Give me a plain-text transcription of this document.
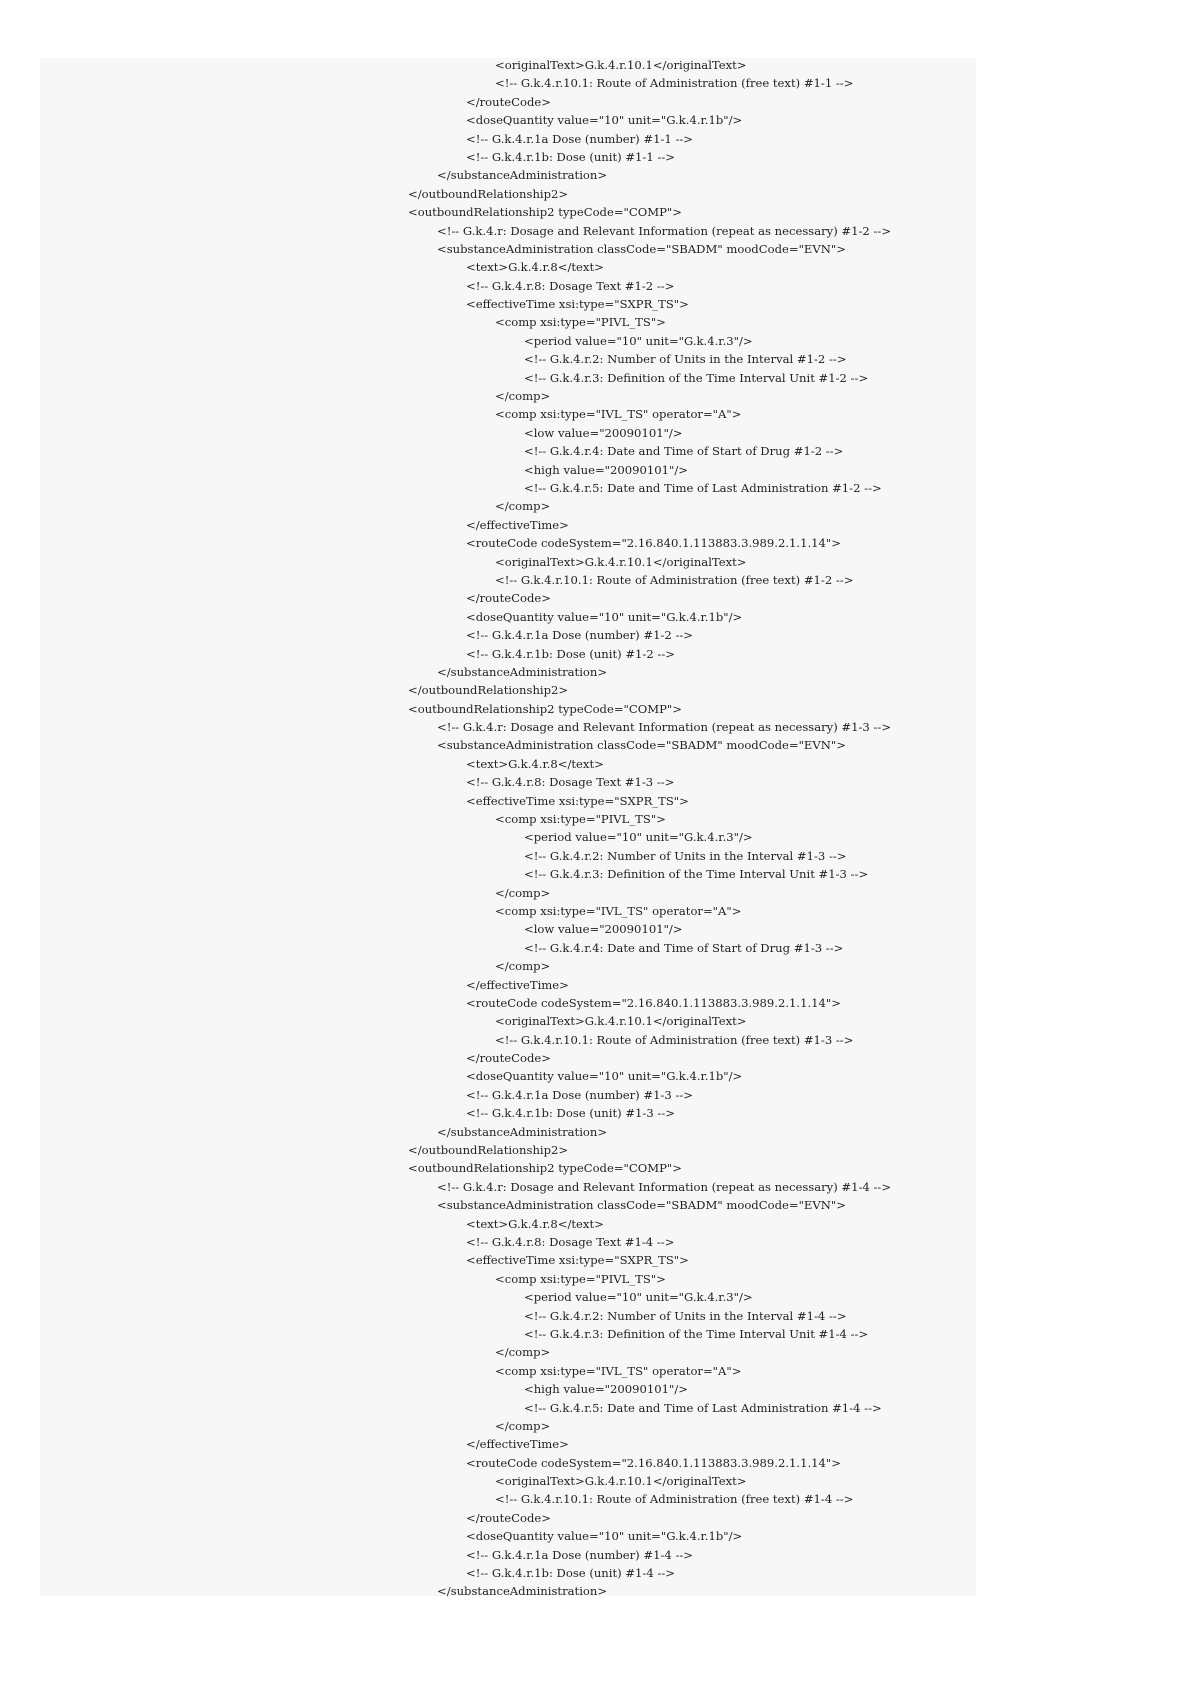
<originalText>G.k.4.r.10.1</originalText>
<!-- G.k.4.r.10.1: Route of Administration (free text) #1-1 -->
</routeCode>
<doseQuantity value="10" unit="G.k.4.r.1b"/>
<!-- G.k.4.r.1a Dose (number) #1-1 -->
<!-- G.k.4.r.1b: Dose (unit) #1-1 -->
</substanceAdministration>
</outboundRelationship2>
<outboundRelationship2 typeCode="COMP">
<!-- G.k.4.r: Dosage and Relevant Information (repeat as necessary) #1-2 -->
<substanceAdministration classCode="SBADM" moodCode="EVN">
<text>G.k.4.r.8</text>
<!-- G.k.4.r.8: Dosage Text #1-2 -->
<effectiveTime xsi:type="SXPR_TS">
<comp xsi:type="PIVL_TS">
<period value="10" unit="G.k.4.r.3"/>
<!-- G.k.4.r.2: Number of Units in the Interval #1-2 -->
<!-- G.k.4.r.3: Definition of the Time Interval Unit #1-2 -->
</comp>
<comp xsi:type="IVL_TS" operator="A">
<low value="20090101"/>
<!-- G.k.4.r.4: Date and Time of Start of Drug #1-2 -->
<high value="20090101"/>
<!-- G.k.4.r.5: Date and Time of Last Administration #1-2 -->
</comp>
</effectiveTime>
<routeCode codeSystem="2.16.840.1.113883.3.989.2.1.1.14">
<originalText>G.k.4.r.10.1</originalText>
<!-- G.k.4.r.10.1: Route of Administration (free text) #1-2 -->
</routeCode>
<doseQuantity value="10" unit="G.k.4.r.1b"/>
<!-- G.k.4.r.1a Dose (number) #1-2 -->
<!-- G.k.4.r.1b: Dose (unit) #1-2 -->
</substanceAdministration>
</outboundRelationship2>
<outboundRelationship2 typeCode="COMP">
<!-- G.k.4.r: Dosage and Relevant Information (repeat as necessary) #1-3 -->
<substanceAdministration classCode="SBADM" moodCode="EVN">
<text>G.k.4.r.8</text>
<!-- G.k.4.r.8: Dosage Text #1-3 -->
<effectiveTime xsi:type="SXPR_TS">
<comp xsi:type="PIVL_TS">
<period value="10" unit="G.k.4.r.3"/>
<!-- G.k.4.r.2: Number of Units in the Interval #1-3 -->
<!-- G.k.4.r.3: Definition of the Time Interval Unit #1-3 -->
</comp>
<comp xsi:type="IVL_TS" operator="A">
<low value="20090101"/>
<!-- G.k.4.r.4: Date and Time of Start of Drug #1-3 -->
</comp>
</effectiveTime>
<routeCode codeSystem="2.16.840.1.113883.3.989.2.1.1.14">
<originalText>G.k.4.r.10.1</originalText>
<!-- G.k.4.r.10.1: Route of Administration (free text) #1-3 -->
</routeCode>
<doseQuantity value="10" unit="G.k.4.r.1b"/>
<!-- G.k.4.r.1a Dose (number) #1-3 -->
<!-- G.k.4.r.1b: Dose (unit) #1-3 -->
</substanceAdministration>
</outboundRelationship2>
<outboundRelationship2 typeCode="COMP">
<!-- G.k.4.r: Dosage and Relevant Information (repeat as necessary) #1-4 -->
<substanceAdministration classCode="SBADM" moodCode="EVN">
<text>G.k.4.r.8</text>
<!-- G.k.4.r.8: Dosage Text #1-4 -->
<effectiveTime xsi:type="SXPR_TS">
<comp xsi:type="PIVL_TS">
<period value="10" unit="G.k.4.r.3"/>
<!-- G.k.4.r.2: Number of Units in the Interval #1-4 -->
<!-- G.k.4.r.3: Definition of the Time Interval Unit #1-4 -->
</comp>
<comp xsi:type="IVL_TS" operator="A">
<high value="20090101"/>
<!-- G.k.4.r.5: Date and Time of Last Administration #1-4 -->
</comp>
</effectiveTime>
<routeCode codeSystem="2.16.840.1.113883.3.989.2.1.1.14">
<originalText>G.k.4.r.10.1</originalText>
<!-- G.k.4.r.10.1: Route of Administration (free text) #1-4 -->
</routeCode>
<doseQuantity value="10" unit="G.k.4.r.1b"/>
<!-- G.k.4.r.1a Dose (number) #1-4 -->
<!-- G.k.4.r.1b: Dose (unit) #1-4 -->
</substanceAdministration>
